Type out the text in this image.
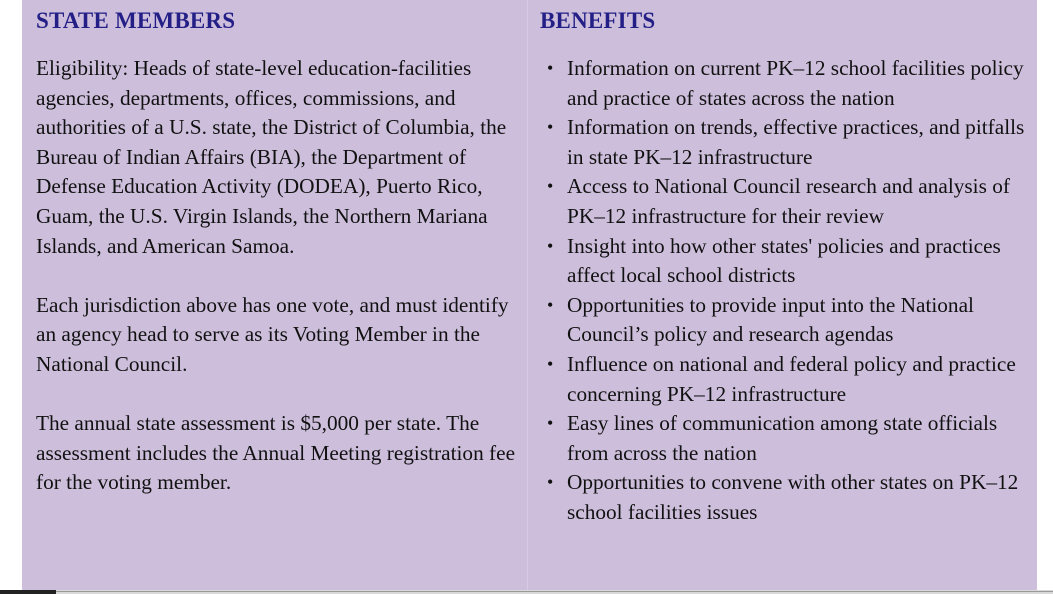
STATE MEMBERS	BENEFITS

Eligibility: Heads of state-level education-facilities agencies, departments, offices, commissions, and authorities of a U.S. state, the District of Columbia, the Bureau of Indian Affairs (BIA), the Department of Defense Education Activity (DODEA), Puerto Rico, Guam, the U.S. Virgin Islands, the Northern Mariana Islands, and American Samoa.

Each jurisdiction above has one vote, and must identify an agency head to serve as its Voting Member in the National Council.

The annual state assessment is $5,000 per state. The assessment includes the Annual Meeting registration fee for the voting member.

• Information on current PK–12 school facilities policy and practice of states across the nation
• Information on trends, effective practices, and pitfalls in state PK–12 infrastructure
• Access to National Council research and analysis of PK–12 infrastructure for their review
• Insight into how other states' policies and practices affect local school districts
• Opportunities to provide input into the National Council’s policy and research agendas
• Influence on national and federal policy and practice concerning PK–12 infrastructure
• Easy lines of communication among state officials from across the nation
• Opportunities to convene with other states on PK–12 school facilities issues
